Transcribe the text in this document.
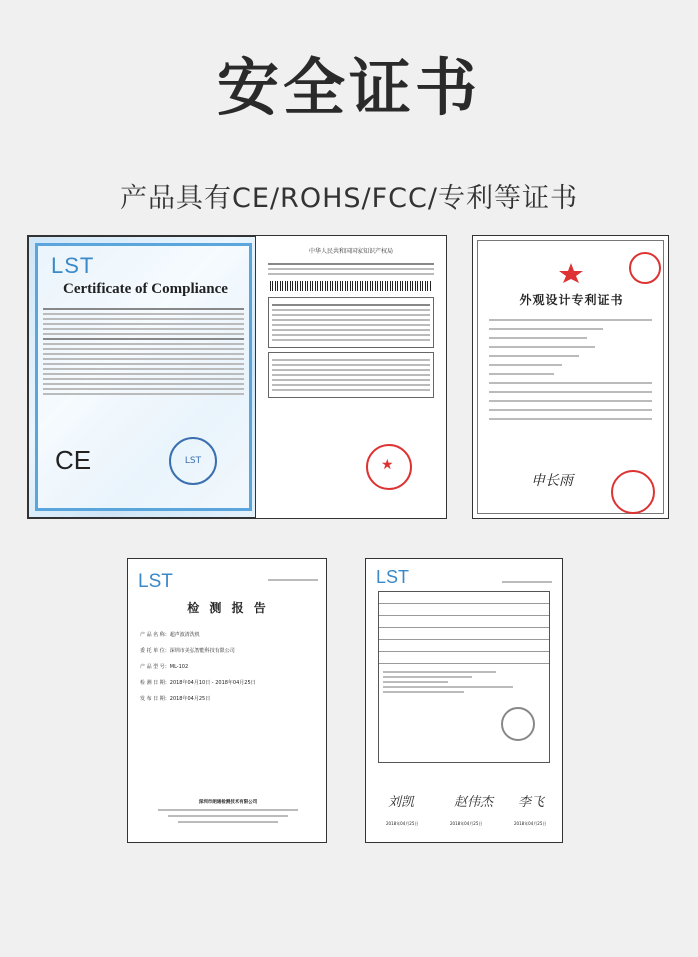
安全证书
产品具有CE/ROHS/FCC/专利等证书
LST
Certificate of Compliance
CE	LST
中华人民共和国国家知识产权局
★
外观设计专利证书
申长雨
LST
检 测 报 告
产 品 名 称：超声波清洗机
委 托 单 位：深圳市美弘智能科技有限公司
产 品 型 号：ML-102
检 测 日 期：2018年04月10日 - 2018年04月25日
发 布 日 期：2018年04月25日
深圳市朗通检测技术有限公司
LST
刘凯	赵伟杰 李飞
2018年04月25日	2018年04月25日	2018年04月25日
